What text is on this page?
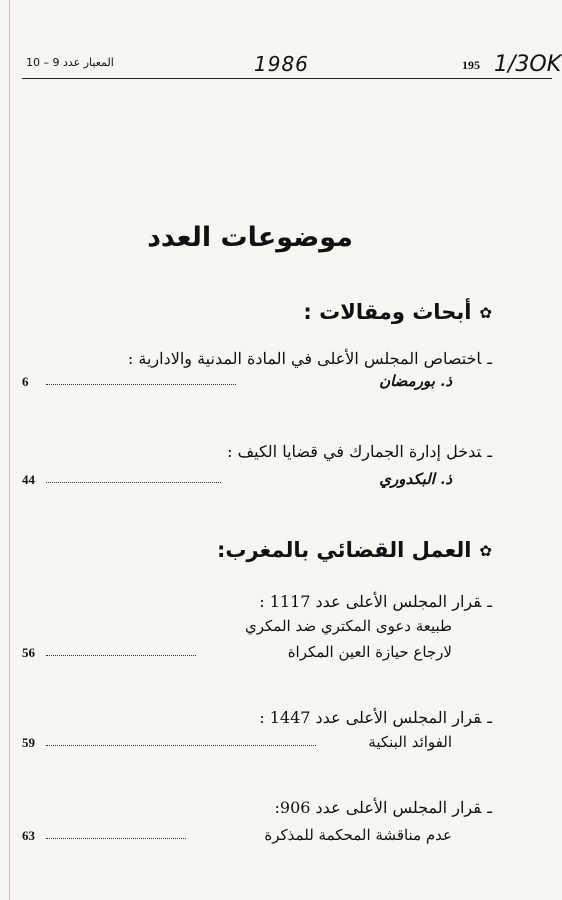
المعيار عدد 9 – 10	1986	195 1/3OK
موضوعات العدد
✿أبحاث ومقالات :
ـاختصاص المجلس الأعلى في المادة المدنية والادارية :
6	ذ. بورمضان
ـتدخل إدارة الجمارك في قضايا الكيف :
44	ذ. البكدوري
✿العمل القضائي بالمغرب:
ـقرار المجلس الأعلى عدد 1117 :
طبيعة دعوى المكتري ضد المكري
56	لارجاع حيازة العين المكراة
ـقرار المجلس الأعلى عدد 1447 :
59	الفوائد البنكية
ـقرار المجلس الأعلى عدد 906:
63	عدم مناقشة المحكمة للمذكرة
